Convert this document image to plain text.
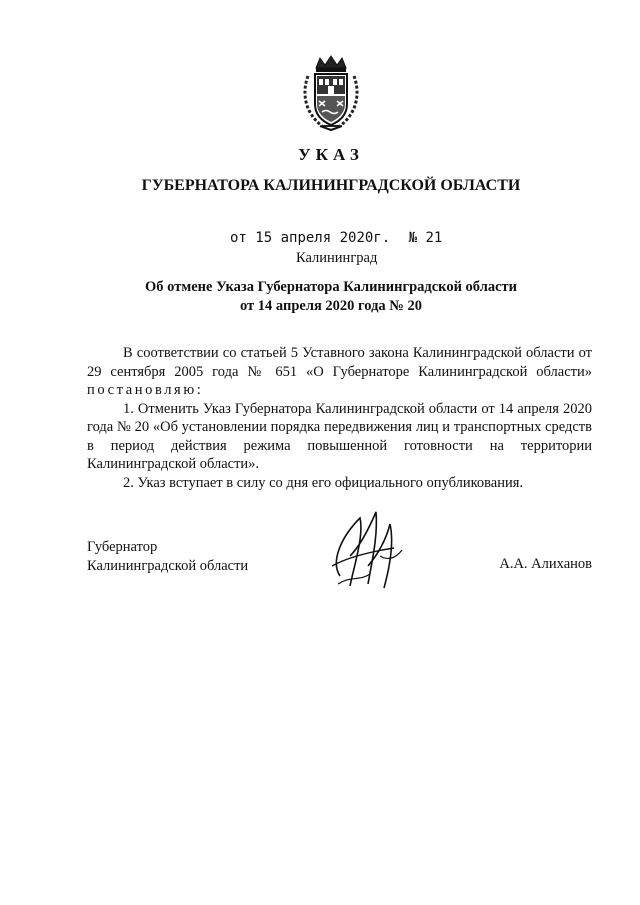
УКАЗ
ГУБЕРНАТОРА КАЛИНИНГРАДСКОЙ ОБЛАСТИ
от 15 апреля 2020г. № 21
Калининград
Об отмене Указа Губернатора Калининградской области
от 14 апреля 2020 года № 20

В соответствии со статьей 5 Уставного закона Калининградской области от 29 сентября 2005 года № 651 «О Губернаторе Калининградской области» постановляю:

1. Отменить Указ Губернатора Калининградской области от 14 апреля 2020 года № 20 «Об установлении порядка передвижения лиц и транспортных средств в период действия режима повышенной готовности на территории Калининградской области».

2. Указ вступает в силу со дня его официального опубликования.

Губернатор
Калининградской области	А.А. Алиханов
